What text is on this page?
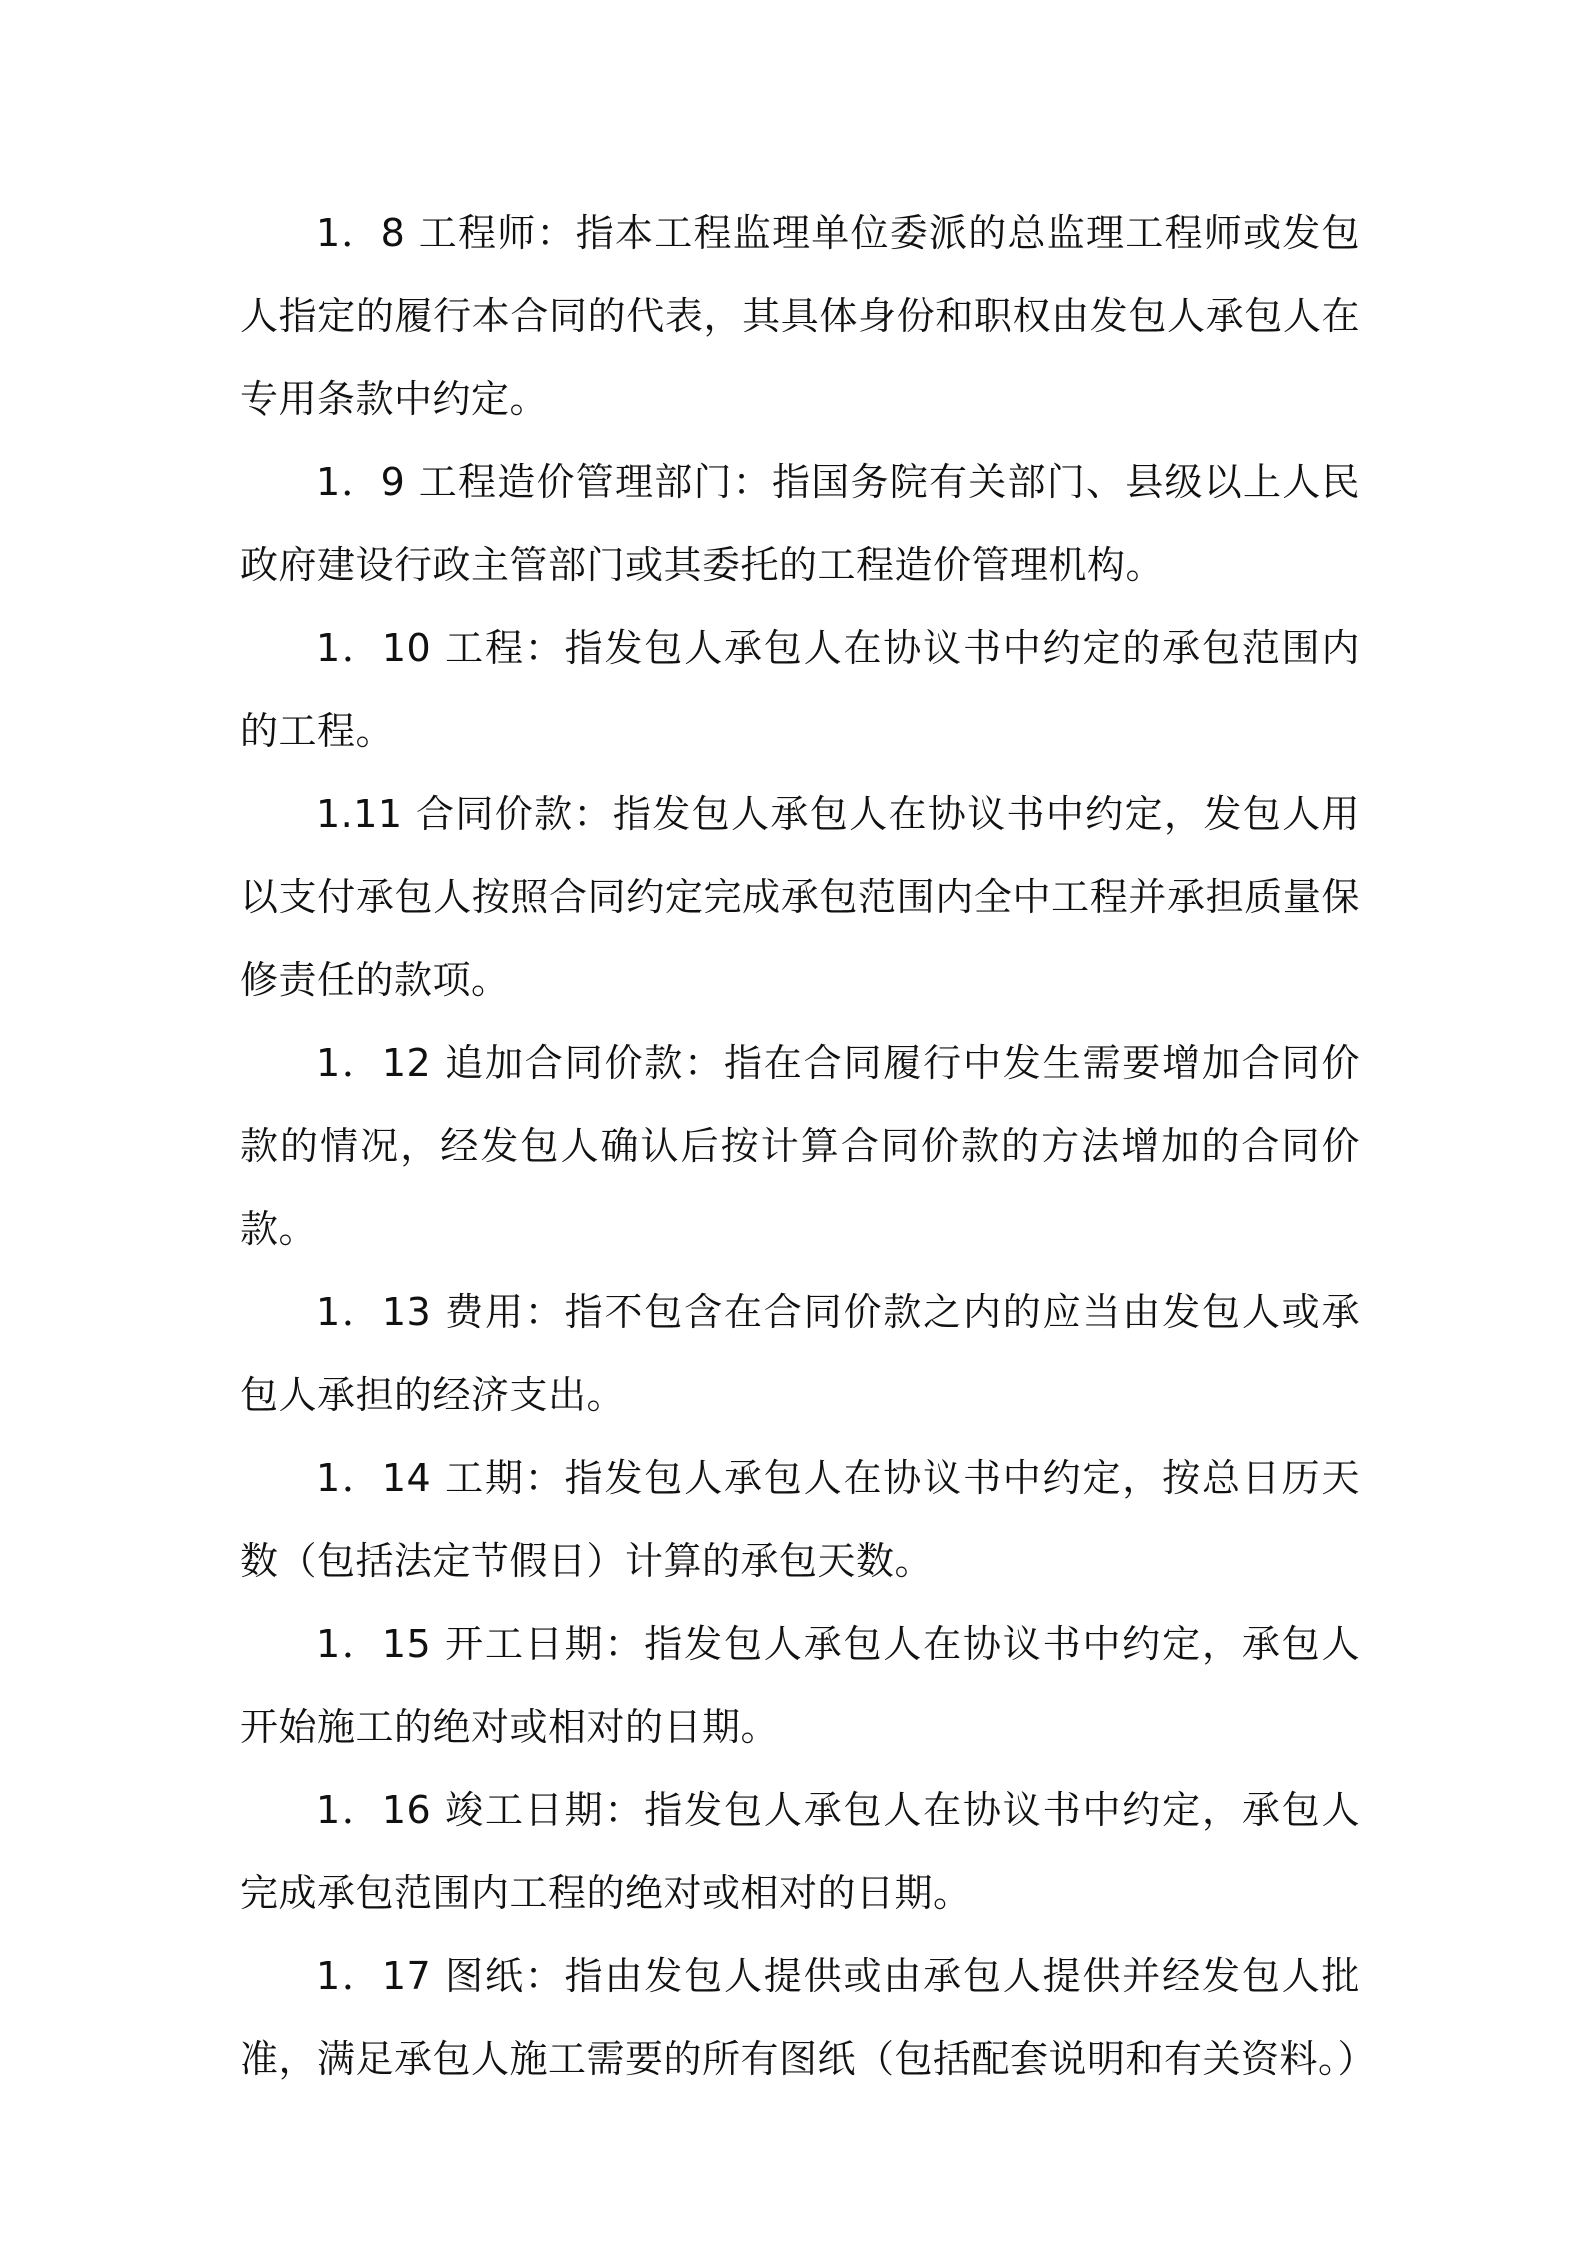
1．8 工程师：指本工程监理单位委派的总监理工程师或发包人指定的履行本合同的代表，其具体身份和职权由发包人承包人在专用条款中约定。

1．9 工程造价管理部门：指国务院有关部门、县级以上人民政府建设行政主管部门或其委托的工程造价管理机构。

1．10 工程：指发包人承包人在协议书中约定的承包范围内的工程。

1.11 合同价款：指发包人承包人在协议书中约定，发包人用以支付承包人按照合同约定完成承包范围内全中工程并承担质量保修责任的款项。

1．12 追加合同价款：指在合同履行中发生需要增加合同价款的情况，经发包人确认后按计算合同价款的方法增加的合同价款。

1．13 费用：指不包含在合同价款之内的应当由发包人或承包人承担的经济支出。

1．14 工期：指发包人承包人在协议书中约定，按总日历天数（包括法定节假日）计算的承包天数。

1．15 开工日期：指发包人承包人在协议书中约定，承包人开始施工的绝对或相对的日期。

1．16 竣工日期：指发包人承包人在协议书中约定，承包人完成承包范围内工程的绝对或相对的日期。

1．17 图纸：指由发包人提供或由承包人提供并经发包人批准，满足承包人施工需要的所有图纸（包括配套说明和有关资料。）
